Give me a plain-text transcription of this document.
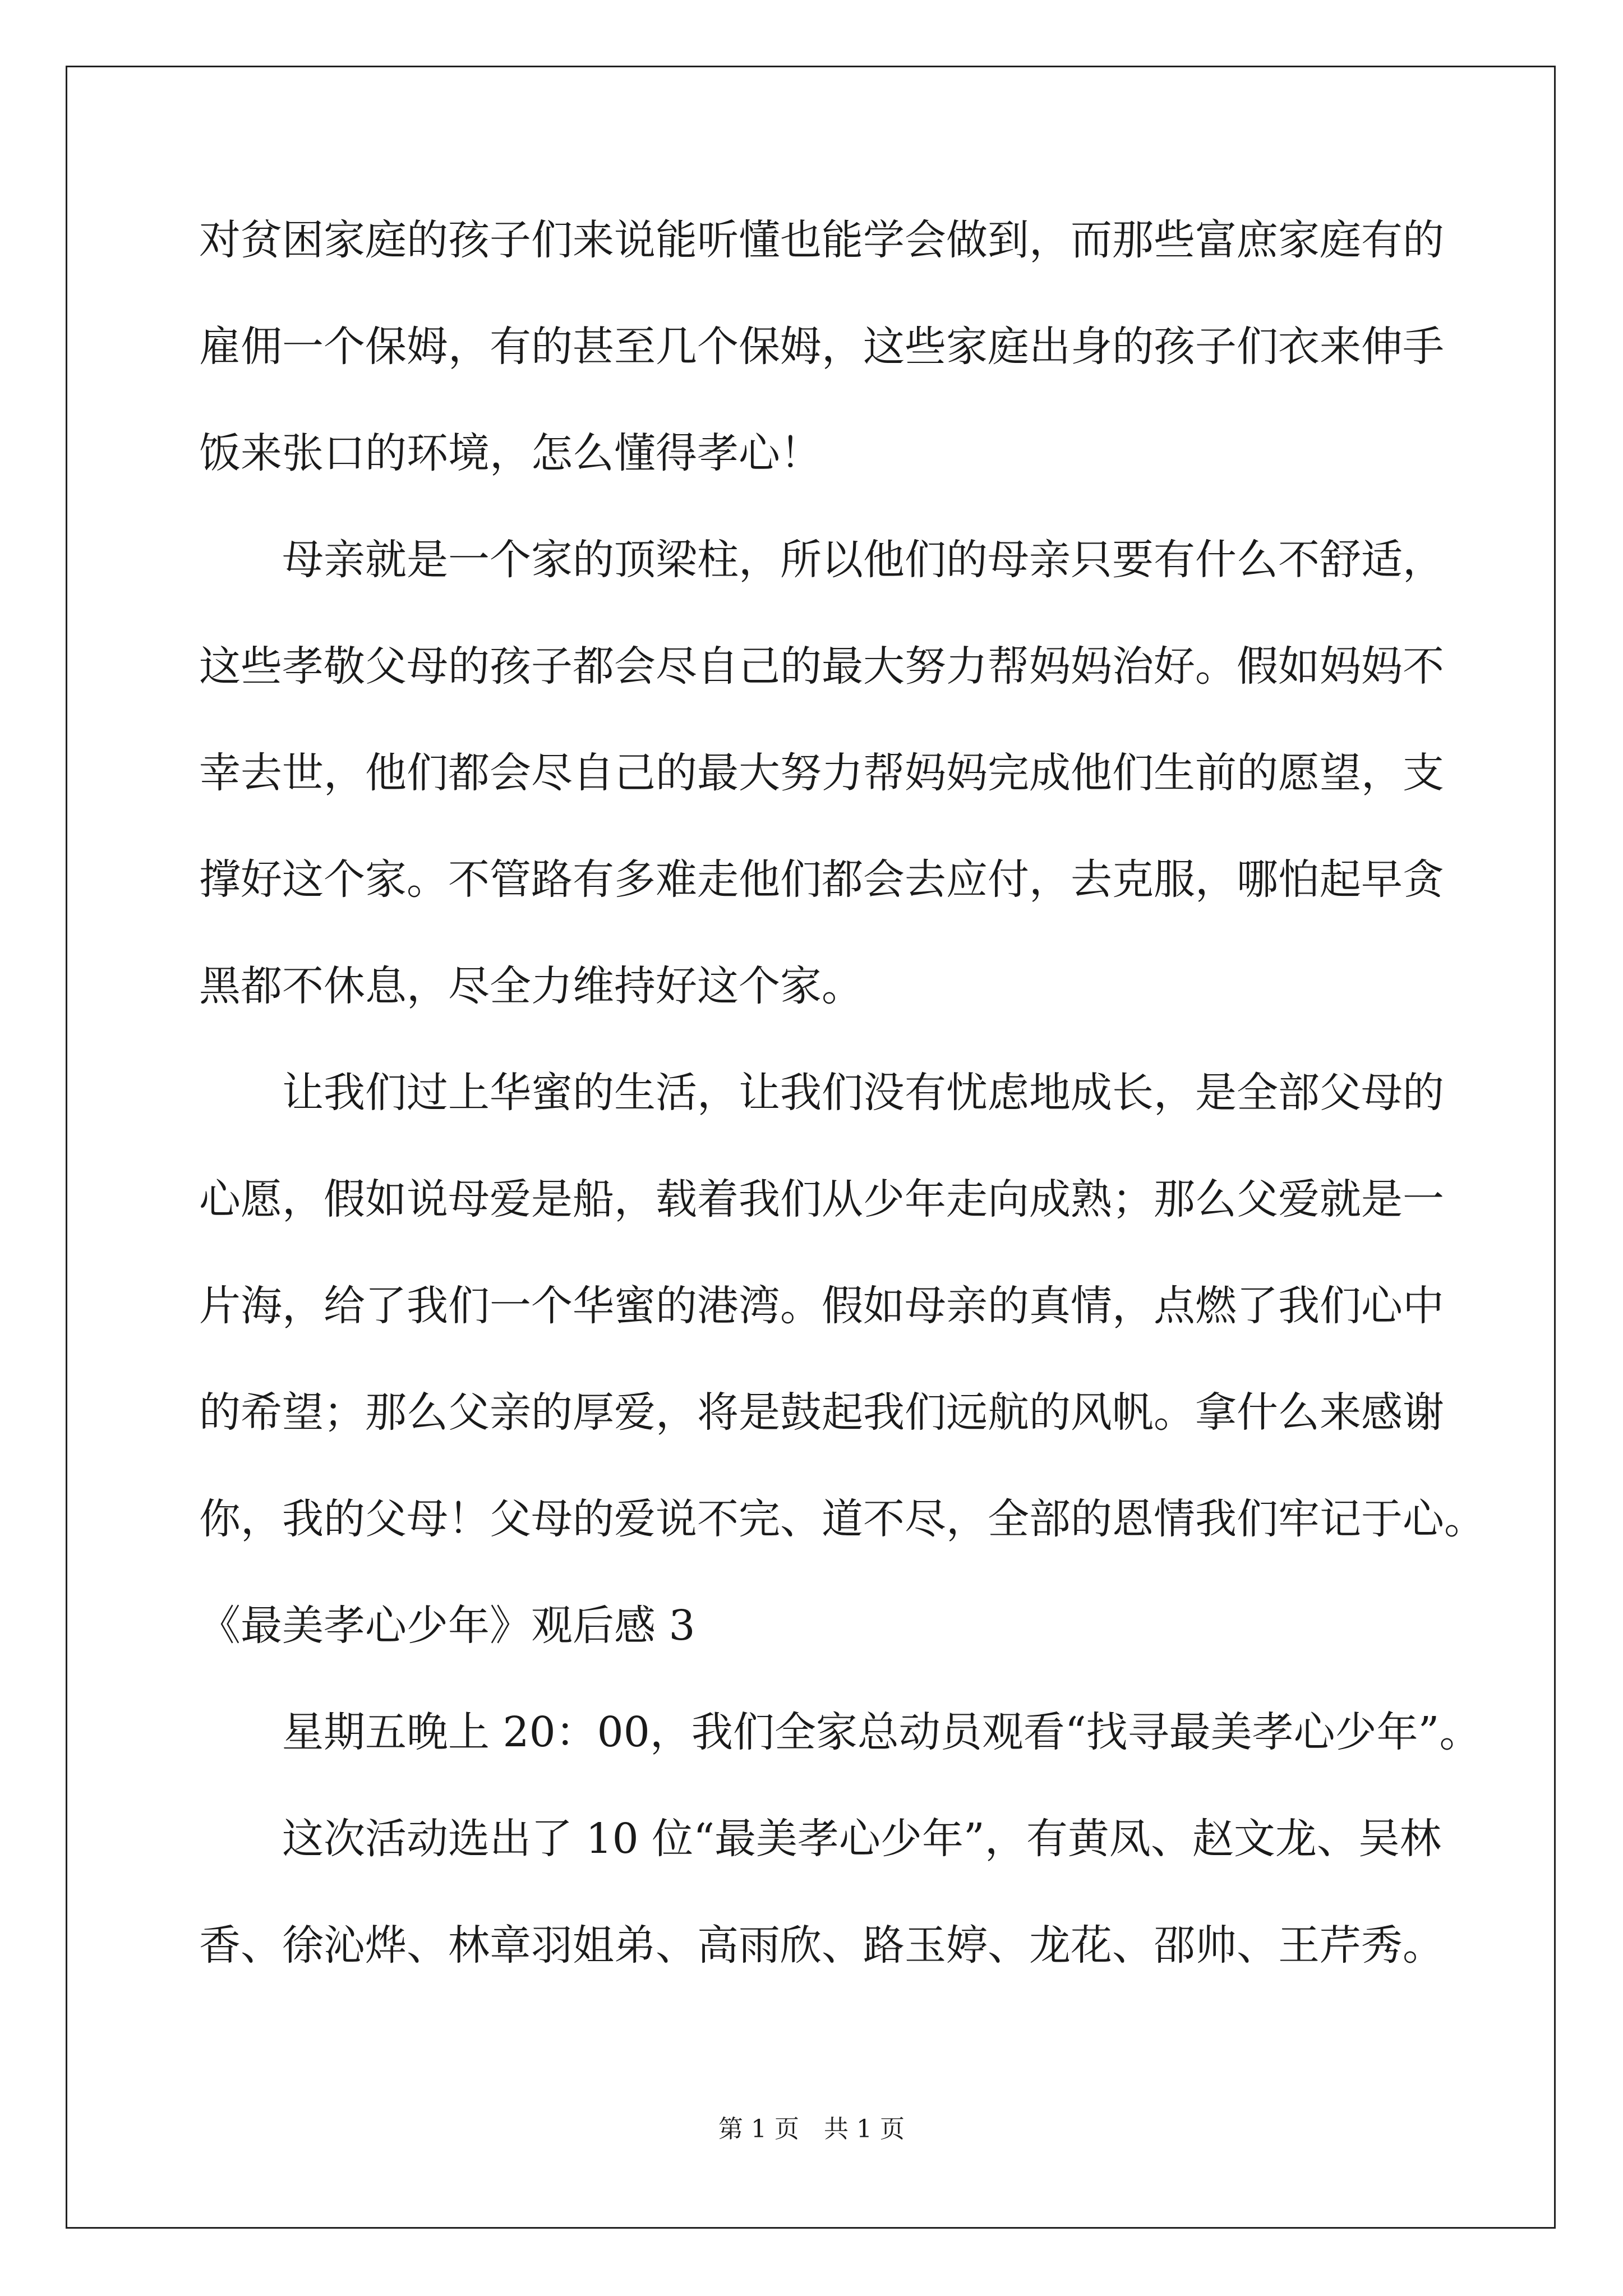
对贫困家庭的孩子们来说能听懂也能学会做到，而那些富庶家庭有的
雇佣一个保姆，有的甚至几个保姆，这些家庭出身的孩子们衣来伸手
饭来张口的环境，怎么懂得孝心！
　　母亲就是一个家的顶梁柱，所以他们的母亲只要有什么不舒适，
这些孝敬父母的孩子都会尽自己的最大努力帮妈妈治好。假如妈妈不
幸去世，他们都会尽自己的最大努力帮妈妈完成他们生前的愿望，支
撑好这个家。不管路有多难走他们都会去应付，去克服，哪怕起早贪
黑都不休息，尽全力维持好这个家。
　　让我们过上华蜜的生活，让我们没有忧虑地成长，是全部父母的
心愿，假如说母爱是船，载着我们从少年走向成熟；那么父爱就是一
片海，给了我们一个华蜜的港湾。假如母亲的真情，点燃了我们心中
的希望；那么父亲的厚爱，将是鼓起我们远航的风帆。拿什么来感谢
你，我的父母！父母的爱说不完、道不尽，全部的恩情我们牢记于心。
《最美孝心少年》观后感 3
　　星期五晚上 20：00，我们全家总动员观看“找寻最美孝心少年”。
　　这次活动选出了 10 位“最美孝心少年”，有黄凤、赵文龙、吴林
香、徐沁烨、林章羽姐弟、高雨欣、路玉婷、龙花、邵帅、王芹秀。
第 1 页　共 1 页
